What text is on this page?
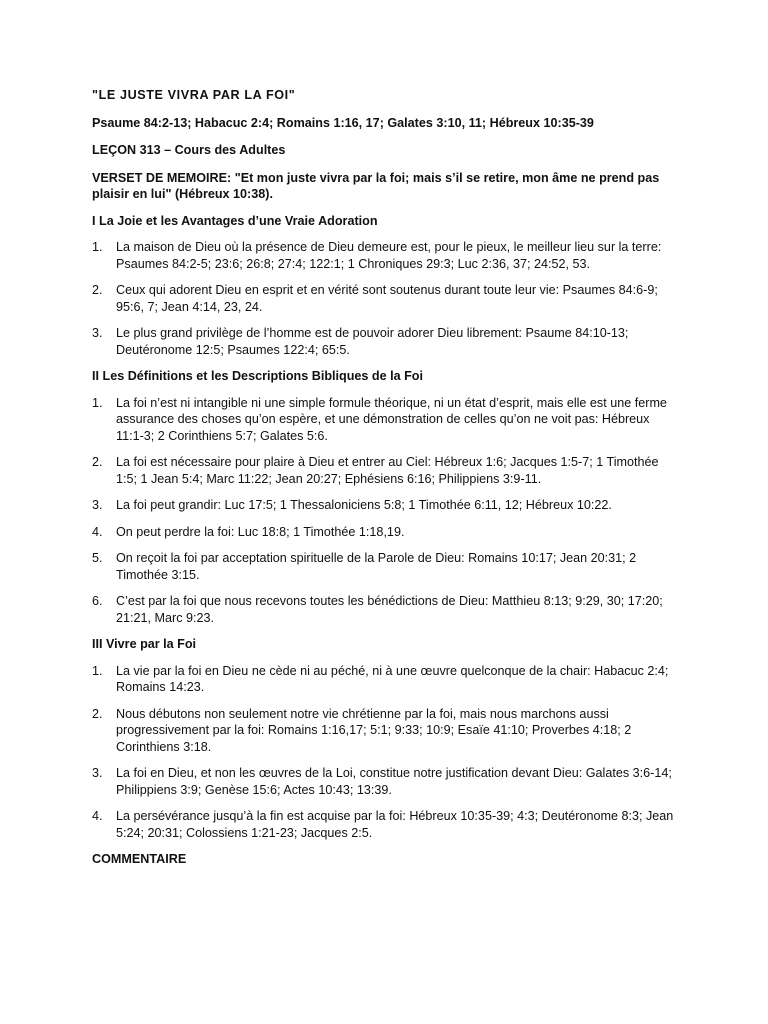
"LE JUSTE VIVRA PAR LA FOI"
Psaume 84:2-13; Habacuc 2:4; Romains 1:16, 17; Galates 3:10, 11; Hébreux 10:35-39
LEÇON 313 – Cours des Adultes
VERSET DE MEMOIRE: "Et mon juste vivra par la foi; mais s’il se retire, mon âme ne prend pas plaisir en lui" (Hébreux 10:38).
I La Joie et les Avantages d’une Vraie Adoration
1. La maison de Dieu où la présence de Dieu demeure est, pour le pieux, le meilleur lieu sur la terre: Psaumes 84:2-5; 23:6; 26:8; 27:4; 122:1; 1 Chroniques 29:3; Luc 2:36, 37; 24:52, 53.
2. Ceux qui adorent Dieu en esprit et en vérité sont soutenus durant toute leur vie: Psaumes 84:6-9; 95:6, 7; Jean 4:14, 23, 24.
3. Le plus grand privilège de l’homme est de pouvoir adorer Dieu librement: Psaume 84:10-13; Deutéronome 12:5; Psaumes 122:4; 65:5.
II Les Définitions et les Descriptions Bibliques de la Foi
1. La foi n’est ni intangible ni une simple formule théorique, ni un état d’esprit, mais elle est une ferme assurance des choses qu’on espère, et une démonstration de celles qu’on ne voit pas: Hébreux 11:1-3; 2 Corinthiens 5:7; Galates 5:6.
2. La foi est nécessaire pour plaire à Dieu et entrer au Ciel: Hébreux 1:6; Jacques 1:5-7; 1 Timothée 1:5; 1 Jean 5:4; Marc 11:22; Jean 20:27; Ephésiens 6:16; Philippiens 3:9-11.
3. La foi peut grandir: Luc 17:5; 1 Thessaloniciens 5:8; 1 Timothée 6:11, 12; Hébreux 10:22.
4. On peut perdre la foi: Luc 18:8; 1 Timothée 1:18,19.
5. On reçoit la foi par acceptation spirituelle de la Parole de Dieu: Romains 10:17; Jean 20:31; 2 Timothée 3:15.
6. C’est par la foi que nous recevons toutes les bénédictions de Dieu: Matthieu 8:13; 9:29, 30; 17:20; 21:21, Marc 9:23.
III Vivre par la Foi
1. La vie par la foi en Dieu ne cède ni au péché, ni à une œuvre quelconque de la chair: Habacuc 2:4; Romains 14:23.
2. Nous débutons non seulement notre vie chrétienne par la foi, mais nous marchons aussi progressivement par la foi: Romains 1:16,17; 5:1; 9:33; 10:9; Esaïe 41:10; Proverbes 4:18; 2 Corinthiens 3:18.
3. La foi en Dieu, et non les œuvres de la Loi, constitue notre justification devant Dieu: Galates 3:6-14; Philippiens 3:9; Genèse 15:6; Actes 10:43; 13:39.
4. La persévérance jusqu’à la fin est acquise par la foi: Hébreux 10:35-39; 4:3; Deutéronome 8:3; Jean 5:24; 20:31; Colossiens 1:21-23; Jacques 2:5.
COMMENTAIRE
